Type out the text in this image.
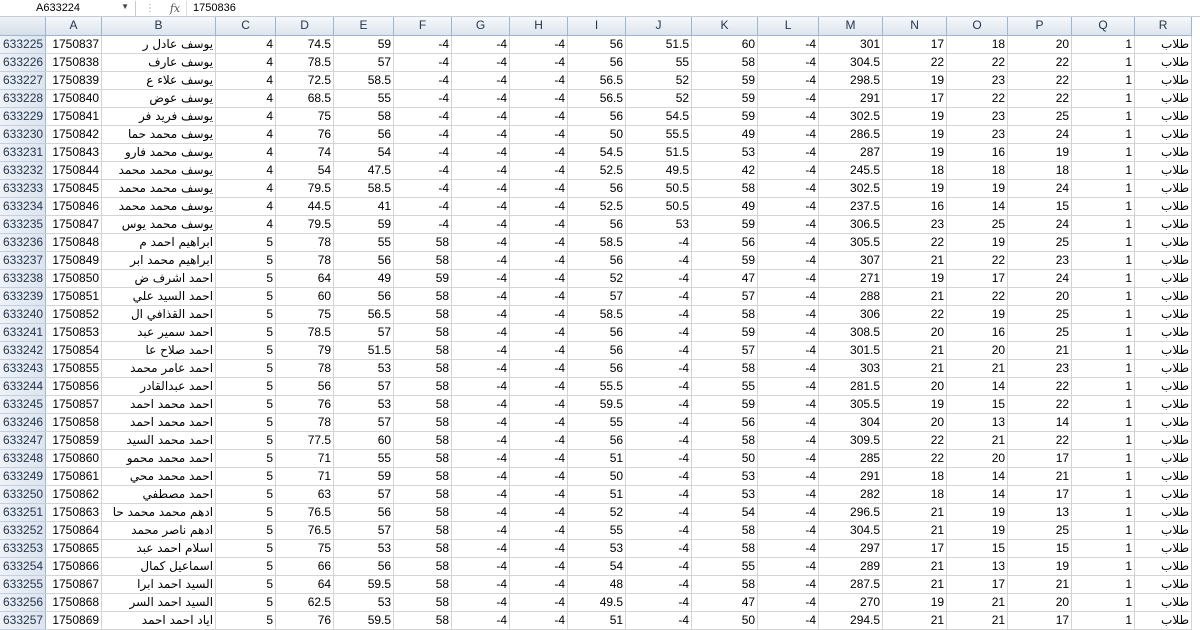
A633224	▼	⋮	fx	1750836
	A	B	C	D	E	F	G	H	I	J	K	L	M	N	O	P	Q	R
633225	1750837	يوسف عادل ر	4	74.5	59	-4	-4	-4	56	51.5	60	-4	301	17	18	20	1	طلاب

633226	1750838	يوسف عارف	4	78.5	57	-4	-4	-4	56	55	58	-4	304.5	22	22	22	1	طلاب

633227	1750839	يوسف علاء ع	4	72.5	58.5	-4	-4	-4	56.5	52	59	-4	298.5	19	23	22	1	طلاب

633228	1750840	يوسف عوض	4	68.5	55	-4	-4	-4	56.5	52	59	-4	291	17	22	22	1	طلاب

633229	1750841	يوسف فريد فر	4	75	58	-4	-4	-4	56	54.5	59	-4	302.5	19	23	25	1	طلاب

633230	1750842	يوسف محمد حما	4	76	56	-4	-4	-4	50	55.5	49	-4	286.5	19	23	24	1	طلاب

633231	1750843	يوسف محمد فارو	4	74	54	-4	-4	-4	54.5	51.5	53	-4	287	19	16	19	1	طلاب

633232	1750844	يوسف محمد محمد	4	54	47.5	-4	-4	-4	52.5	49.5	42	-4	245.5	18	18	18	1	طلاب

633233	1750845	يوسف محمد محمد	4	79.5	58.5	-4	-4	-4	56	50.5	58	-4	302.5	19	19	24	1	طلاب

633234	1750846	يوسف محمد محمد	4	44.5	41	-4	-4	-4	52.5	50.5	49	-4	237.5	16	14	15	1	طلاب

633235	1750847	يوسف محمد يوس	4	79.5	59	-4	-4	-4	56	53	59	-4	306.5	23	25	24	1	طلاب

633236	1750848	ابراهيم احمد م	5	78	55	58	-4	-4	58.5	-4	56	-4	305.5	22	19	25	1	طلاب

633237	1750849	ابراهيم محمد ابر	5	78	56	58	-4	-4	56	-4	59	-4	307	21	22	23	1	طلاب

633238	1750850	احمد اشرف ض	5	64	49	59	-4	-4	52	-4	47	-4	271	19	17	24	1	طلاب

633239	1750851	احمد السيد علي	5	60	56	58	-4	-4	57	-4	57	-4	288	21	22	20	1	طلاب

633240	1750852	احمد القذافي ال	5	75	56.5	58	-4	-4	58.5	-4	58	-4	306	22	19	25	1	طلاب

633241	1750853	احمد سمير عبد	5	78.5	57	58	-4	-4	56	-4	59	-4	308.5	20	16	25	1	طلاب

633242	1750854	احمد صلاح عا	5	79	51.5	58	-4	-4	56	-4	57	-4	301.5	21	20	21	1	طلاب

633243	1750855	احمد عامر محمد	5	78	53	58	-4	-4	56	-4	58	-4	303	21	21	23	1	طلاب

633244	1750856	احمد عبدالقادر	5	56	57	58	-4	-4	55.5	-4	55	-4	281.5	20	14	22	1	طلاب

633245	1750857	احمد محمد احمد	5	76	53	58	-4	-4	59.5	-4	59	-4	305.5	19	15	22	1	طلاب

633246	1750858	احمد محمد احمد	5	78	57	58	-4	-4	55	-4	56	-4	304	20	13	14	1	طلاب

633247	1750859	احمد محمد السيد	5	77.5	60	58	-4	-4	56	-4	58	-4	309.5	22	21	22	1	طلاب

633248	1750860	احمد محمد محمو	5	71	55	58	-4	-4	51	-4	50	-4	285	22	20	17	1	طلاب

633249	1750861	احمد محمد محي	5	71	59	58	-4	-4	50	-4	53	-4	291	18	14	21	1	طلاب

633250	1750862	احمد مصطفي	5	63	57	58	-4	-4	51	-4	53	-4	282	18	14	17	1	طلاب

633251	1750863	ادهم محمد محمد حا	5	76.5	56	58	-4	-4	52	-4	54	-4	296.5	21	19	13	1	طلاب

633252	1750864	ادهم ناصر محمد	5	76.5	57	58	-4	-4	55	-4	58	-4	304.5	21	19	25	1	طلاب

633253	1750865	اسلام احمد عبد	5	75	53	58	-4	-4	53	-4	58	-4	297	17	15	15	1	طلاب

633254	1750866	اسماعيل كمال	5	66	56	58	-4	-4	54	-4	55	-4	289	21	13	19	1	طلاب

633255	1750867	السيد احمد ابرا	5	64	59.5	58	-4	-4	48	-4	58	-4	287.5	21	17	21	1	طلاب

633256	1750868	السيد احمد السر	5	62.5	53	58	-4	-4	49.5	-4	47	-4	270	19	21	20	1	طلاب

633257	1750869	اياد احمد احمد	5	76	59.5	58	-4	-4	51	-4	50	-4	294.5	21	21	17	1	طلاب
